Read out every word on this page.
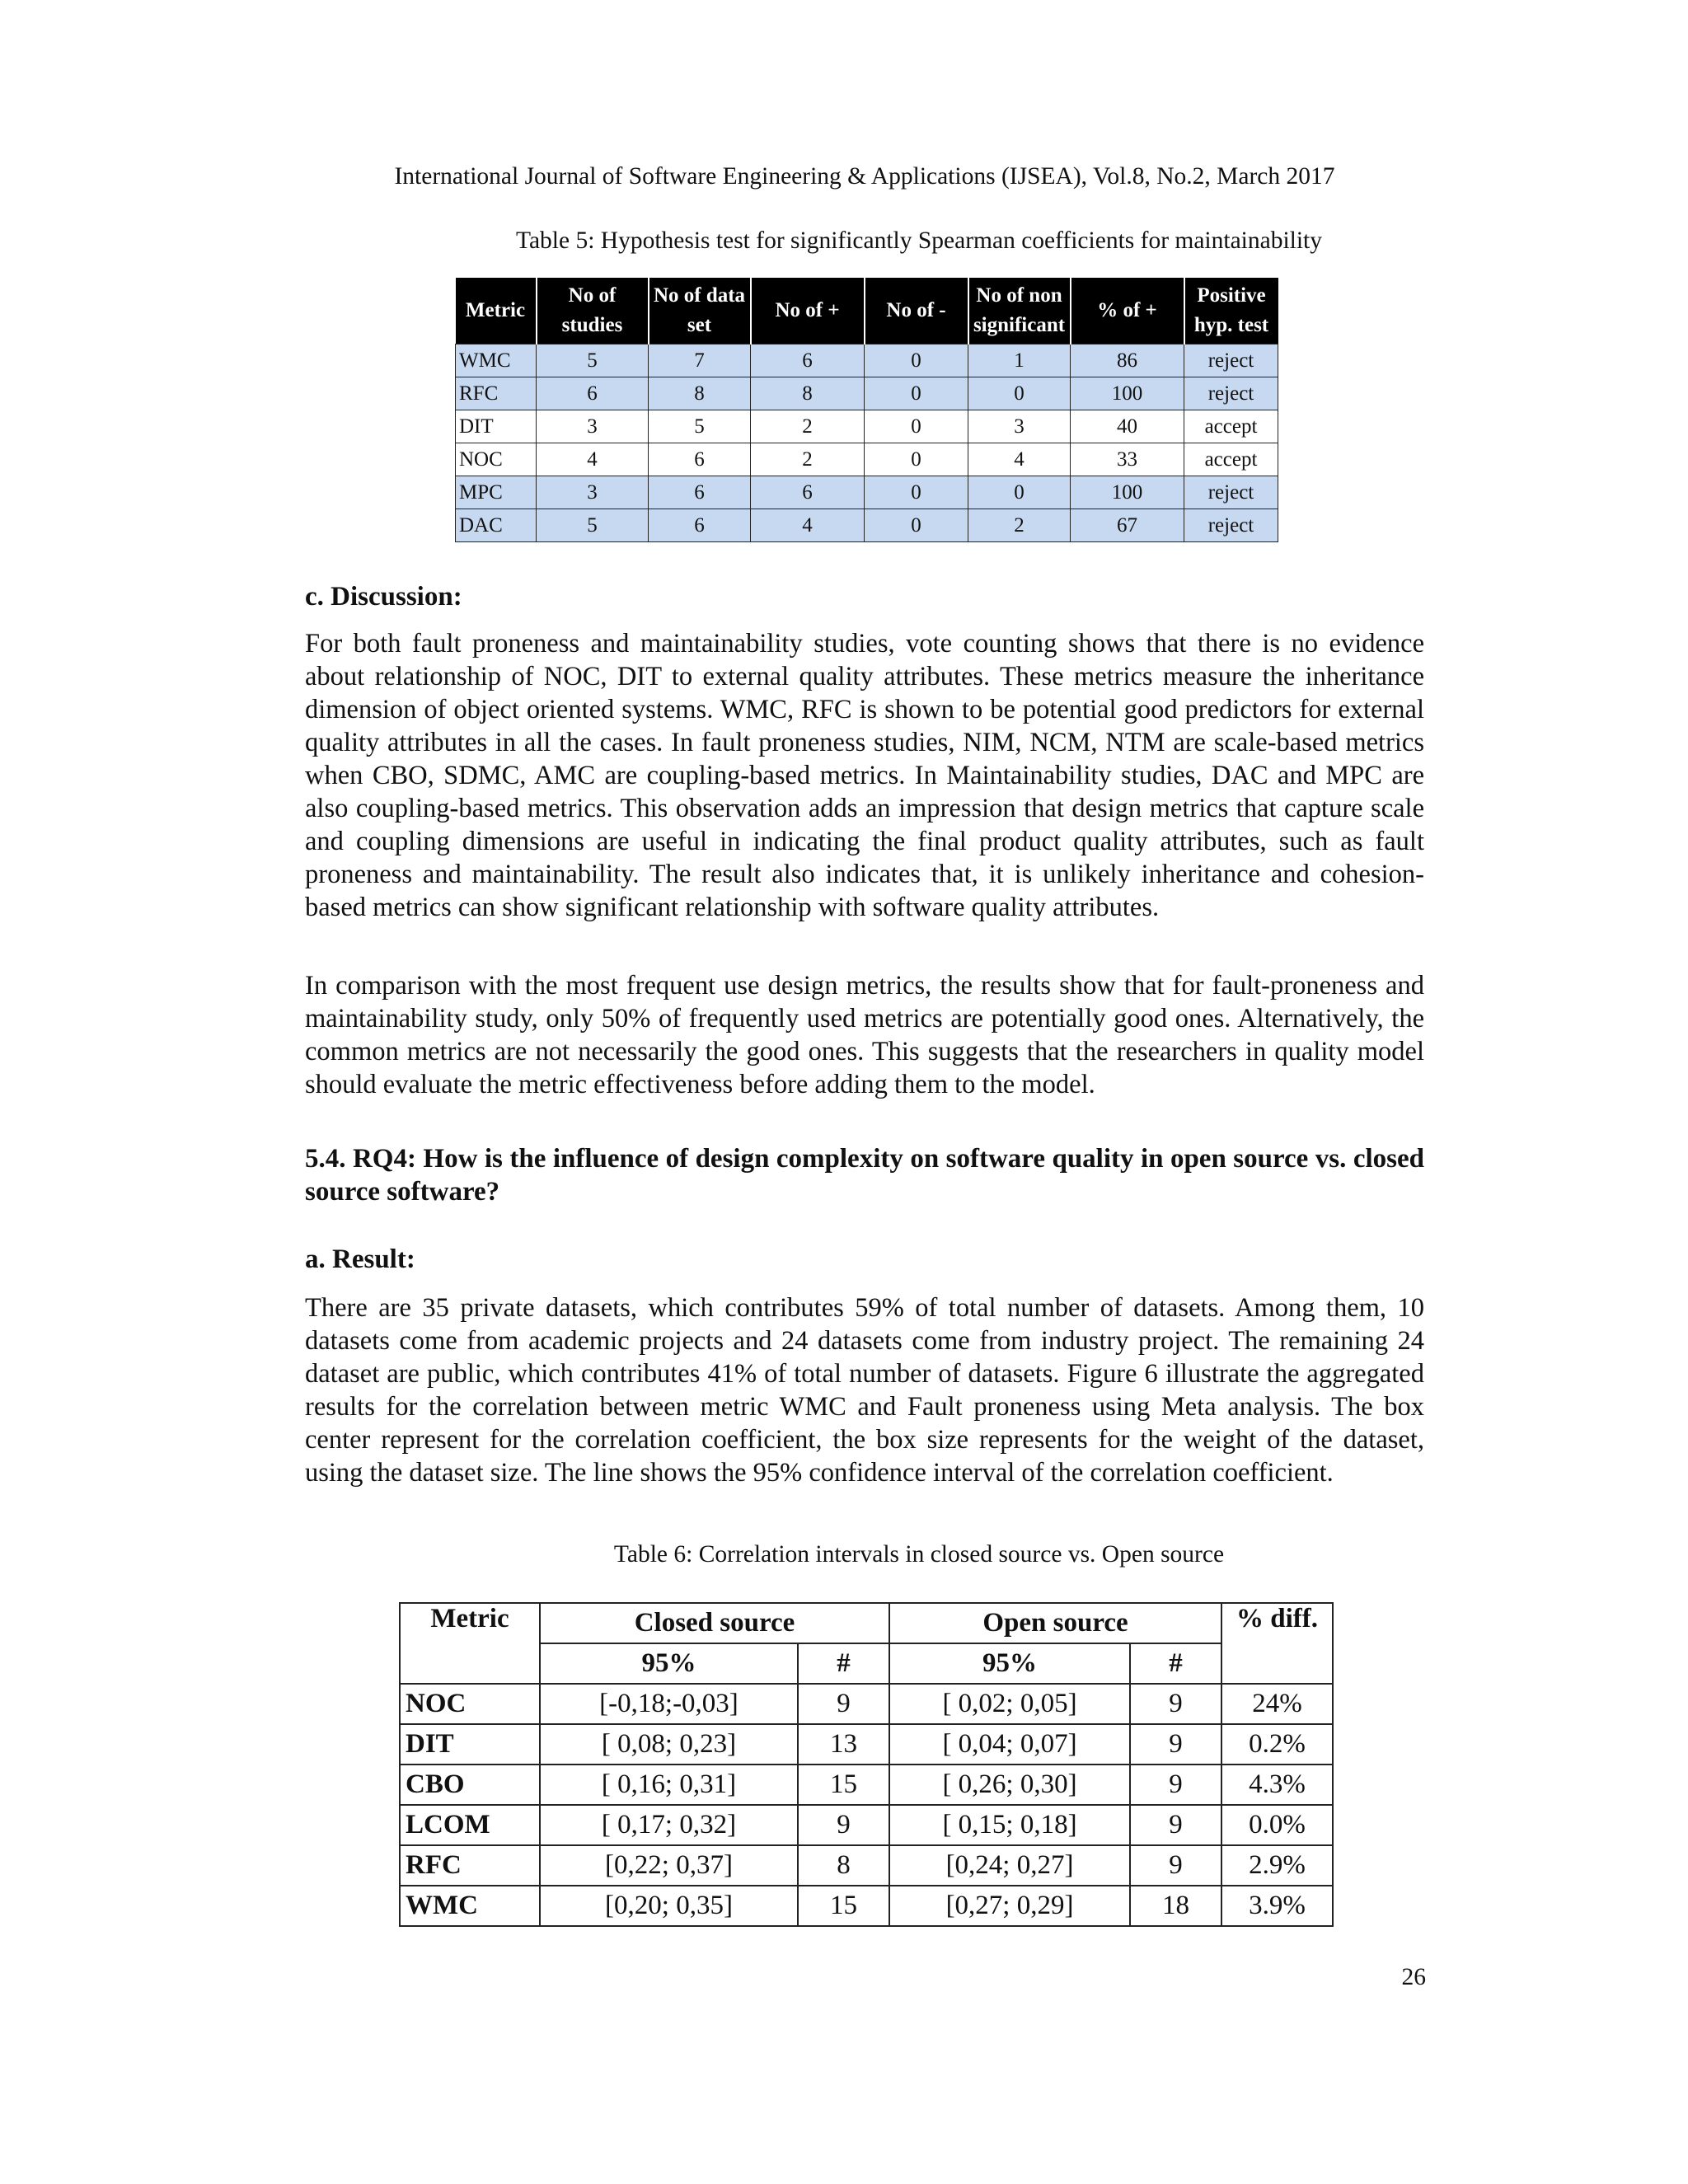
International Journal of Software Engineering & Applications (IJSEA), Vol.8, No.2, March 2017
Table 5: Hypothesis test for significantly Spearman coefficients for maintainability
Metric	No of studies	No of data set	No of +	No of -	No of non significant	% of +	Positive hyp. test
WMC	5	7	6	0	1	86	reject
RFC	6	8	8	0	0	100	reject
DIT	3	5	2	0	3	40	accept
NOC	4	6	2	0	4	33	accept
MPC	3	6	6	0	0	100	reject
DAC	5	6	4	0	2	67	reject
c. Discussion:
For both fault proneness and maintainability studies, vote counting shows that there is no evidence about relationship of NOC, DIT to external quality attributes. These metrics measure the inheritance dimension of object oriented systems. WMC, RFC is shown to be potential good predictors for external quality attributes in all the cases. In fault proneness studies, NIM, NCM, NTM are scale-based metrics when CBO, SDMC, AMC are coupling-based metrics. In Maintainability studies, DAC and MPC are also coupling-based metrics. This observation adds an impression that design metrics that capture scale and coupling dimensions are useful in indicating the final product quality attributes, such as fault proneness and maintainability. The result also indicates that, it is unlikely inheritance and cohesion-based metrics can show significant relationship with software quality attributes.
In comparison with the most frequent use design metrics, the results show that for fault-proneness and maintainability study, only 50% of frequently used metrics are potentially good ones. Alternatively, the common metrics are not necessarily the good ones. This suggests that the researchers in quality model should evaluate the metric effectiveness before adding them to the model.
5.4. RQ4: How is the influence of design complexity on software quality in open source vs. closed source software?
a. Result:
There are 35 private datasets, which contributes 59% of total number of datasets. Among them, 10 datasets come from academic projects and 24 datasets come from industry project. The remaining 24 dataset are public, which contributes 41% of total number of datasets. Figure 6 illustrate the aggregated results for the correlation between metric WMC and Fault proneness using Meta analysis. The box center represent for the correlation coefficient, the box size represents for the weight of the dataset, using the dataset size. The line shows the 95% confidence interval of the correlation coefficient.
Table 6: Correlation intervals in closed source vs. Open source
Metric	Closed source		Open source		% diff.
	95%	#	95%	#	
NOC	[-0,18;-0,03]	9	[ 0,02; 0,05]	9	24%
DIT	[ 0,08; 0,23]	13	[ 0,04; 0,07]	9	0.2%
CBO	[ 0,16; 0,31]	15	[ 0,26; 0,30]	9	4.3%
LCOM	[ 0,17; 0,32]	9	[ 0,15; 0,18]	9	0.0%
RFC	[0,22; 0,37]	8	[0,24; 0,27]	9	2.9%
WMC	[0,20; 0,35]	15	[0,27; 0,29]	18	3.9%
26
